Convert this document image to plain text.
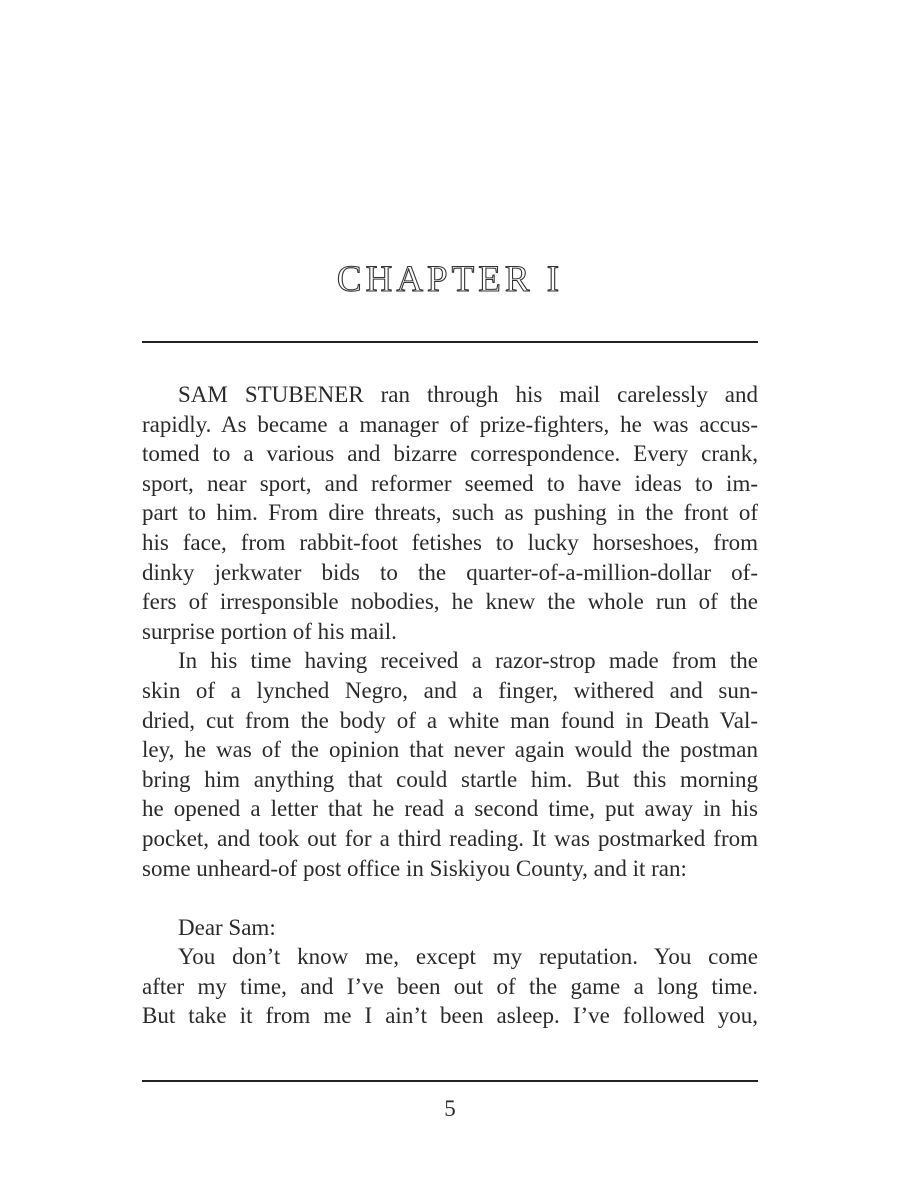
CHAPTER I
SAM STUBENER ran through his mail carelessly and
rapidly. As became a manager of prize-fighters, he was accus-
tomed to a various and bizarre correspondence. Every crank,
sport, near sport, and reformer seemed to have ideas to im-
part to him. From dire threats, such as pushing in the front of
his face, from rabbit-foot fetishes to lucky horseshoes, from
dinky jerkwater bids to the quarter-of-a-million-dollar of-
fers of irresponsible nobodies, he knew the whole run of the
surprise portion of his mail.
In his time having received a razor-strop made from the
skin of a lynched Negro, and a finger, withered and sun-
dried, cut from the body of a white man found in Death Val-
ley, he was of the opinion that never again would the postman
bring him anything that could startle him. But this morning
he opened a letter that he read a second time, put away in his
pocket, and took out for a third reading. It was postmarked from
some unheard-of post office in Siskiyou County, and it ran:
Dear Sam:
You don’t know me, except my reputation. You come
after my time, and I’ve been out of the game a long time.
But take it from me I ain’t been asleep. I’ve followed you,
5
